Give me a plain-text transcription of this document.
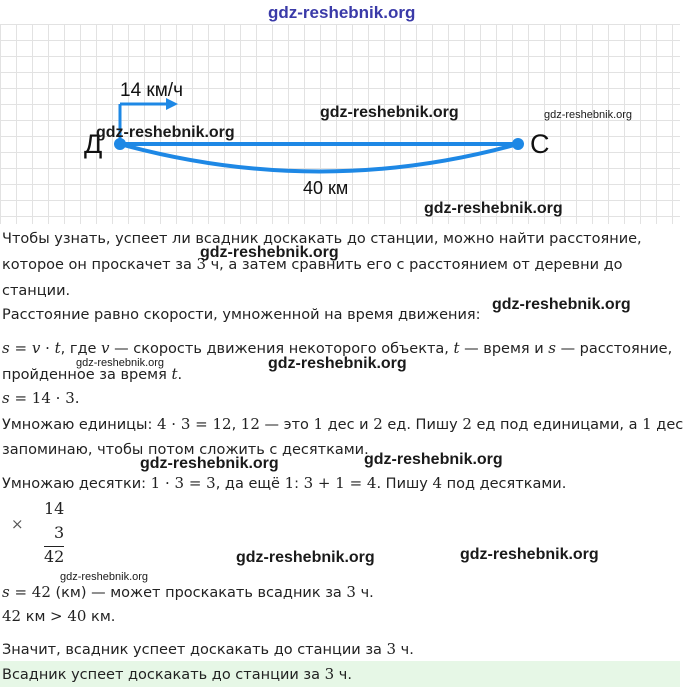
gdz-reshebnik.org
14 км/ч
Д	С
40 км
gdz-reshebnik.org	gdz-reshebnik.org
gdz-reshebnik.org
gdz-reshebnik.org
Чтобы узнать, успеет ли всадник доскакать до станции, можно найти расстояние,
которое он проскачет за 3 ч, а затем сравнить его с расстоянием от деревни до
станции.
gdz-reshebnik.org
Расстояние равно скорости, умноженной на время движения:
gdz-reshebnik.org
s = v · t, где v — скорость движения некоторого объекта, t — время и s — расстояние,
пройденное за время t.
gdz-reshebnik.org	gdz-reshebnik.org
s = 14 · 3.
Умножаю единицы: 4 · 3 = 12, 12 — это 1 дес и 2 ед. Пишу 2 ед под единицами, а 1 дес
запоминаю, чтобы потом сложить с десятками.
gdz-reshebnik.org	gdz-reshebnik.org
Умножаю десятки: 1 · 3 = 3, да ещё 1: 3 + 1 = 4. Пишу 4 под десятками.
×
14
3
42	gdz-reshebnik.org	gdz-reshebnik.org
gdz-reshebnik.org
s = 42 (км) — может проскакать всадник за 3 ч.
42 км > 40 км.
Значит, всадник успеет доскакать до станции за 3 ч.
Всадник успеет доскакать до станции за 3 ч.
